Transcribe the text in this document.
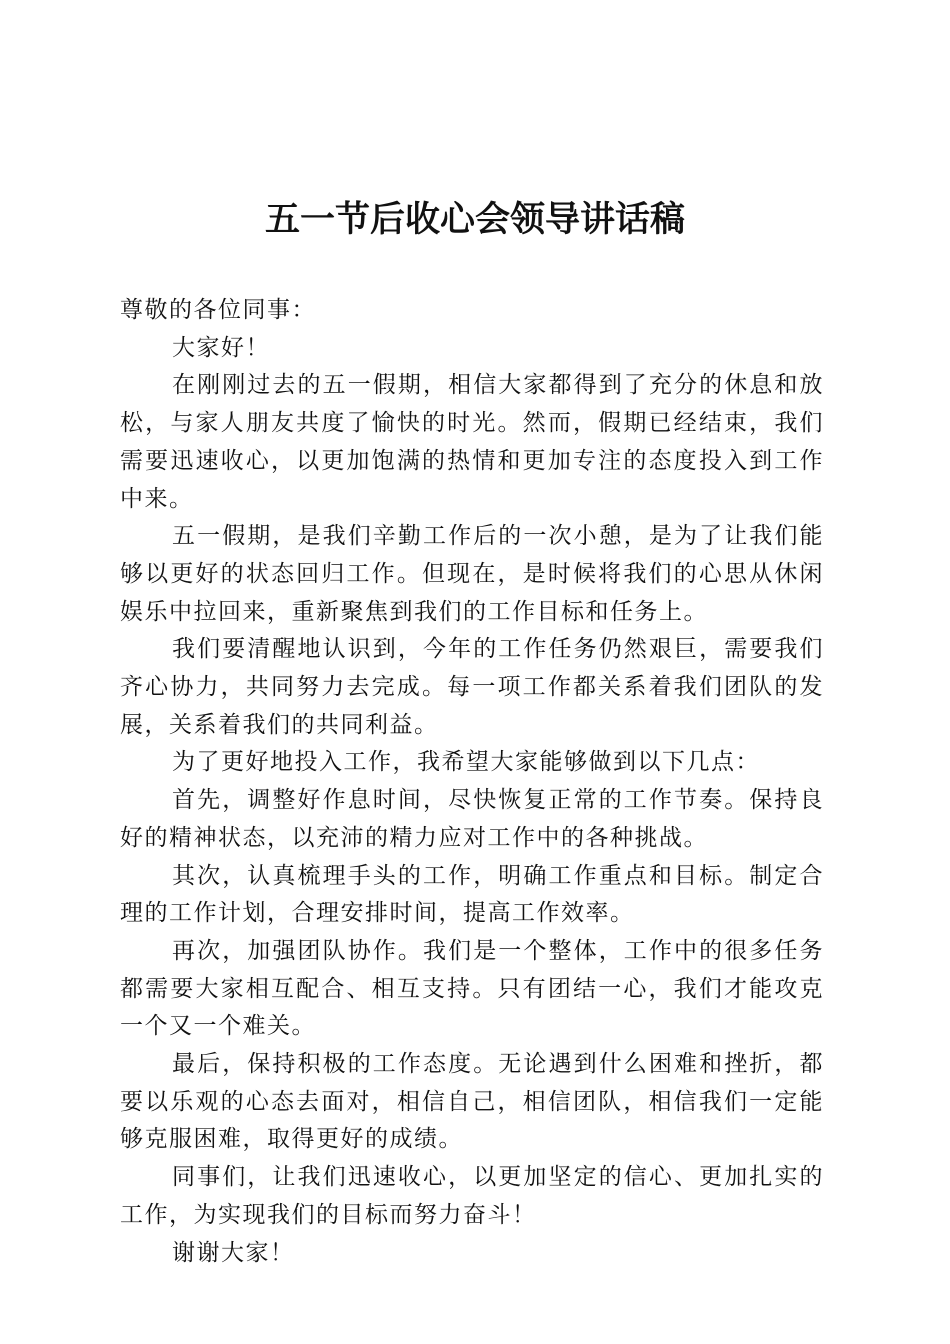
五一节后收心会领导讲话稿

尊敬的各位同事：

大家好！

在刚刚过去的五一假期，相信大家都得到了充分的休息和放松，与家人朋友共度了愉快的时光。然而，假期已经结束，我们需要迅速收心，以更加饱满的热情和更加专注的态度投入到工作中来。

五一假期，是我们辛勤工作后的一次小憩，是为了让我们能够以更好的状态回归工作。但现在，是时候将我们的心思从休闲娱乐中拉回来，重新聚焦到我们的工作目标和任务上。

我们要清醒地认识到，今年的工作任务仍然艰巨，需要我们齐心协力，共同努力去完成。每一项工作都关系着我们团队的发展，关系着我们的共同利益。

为了更好地投入工作，我希望大家能够做到以下几点：

首先，调整好作息时间，尽快恢复正常的工作节奏。保持良好的精神状态，以充沛的精力应对工作中的各种挑战。

其次，认真梳理手头的工作，明确工作重点和目标。制定合理的工作计划，合理安排时间，提高工作效率。

再次，加强团队协作。我们是一个整体，工作中的很多任务都需要大家相互配合、相互支持。只有团结一心，我们才能攻克一个又一个难关。

最后，保持积极的工作态度。无论遇到什么困难和挫折，都要以乐观的心态去面对，相信自己，相信团队，相信我们一定能够克服困难，取得更好的成绩。

同事们，让我们迅速收心，以更加坚定的信心、更加扎实的工作，为实现我们的目标而努力奋斗！

谢谢大家！
